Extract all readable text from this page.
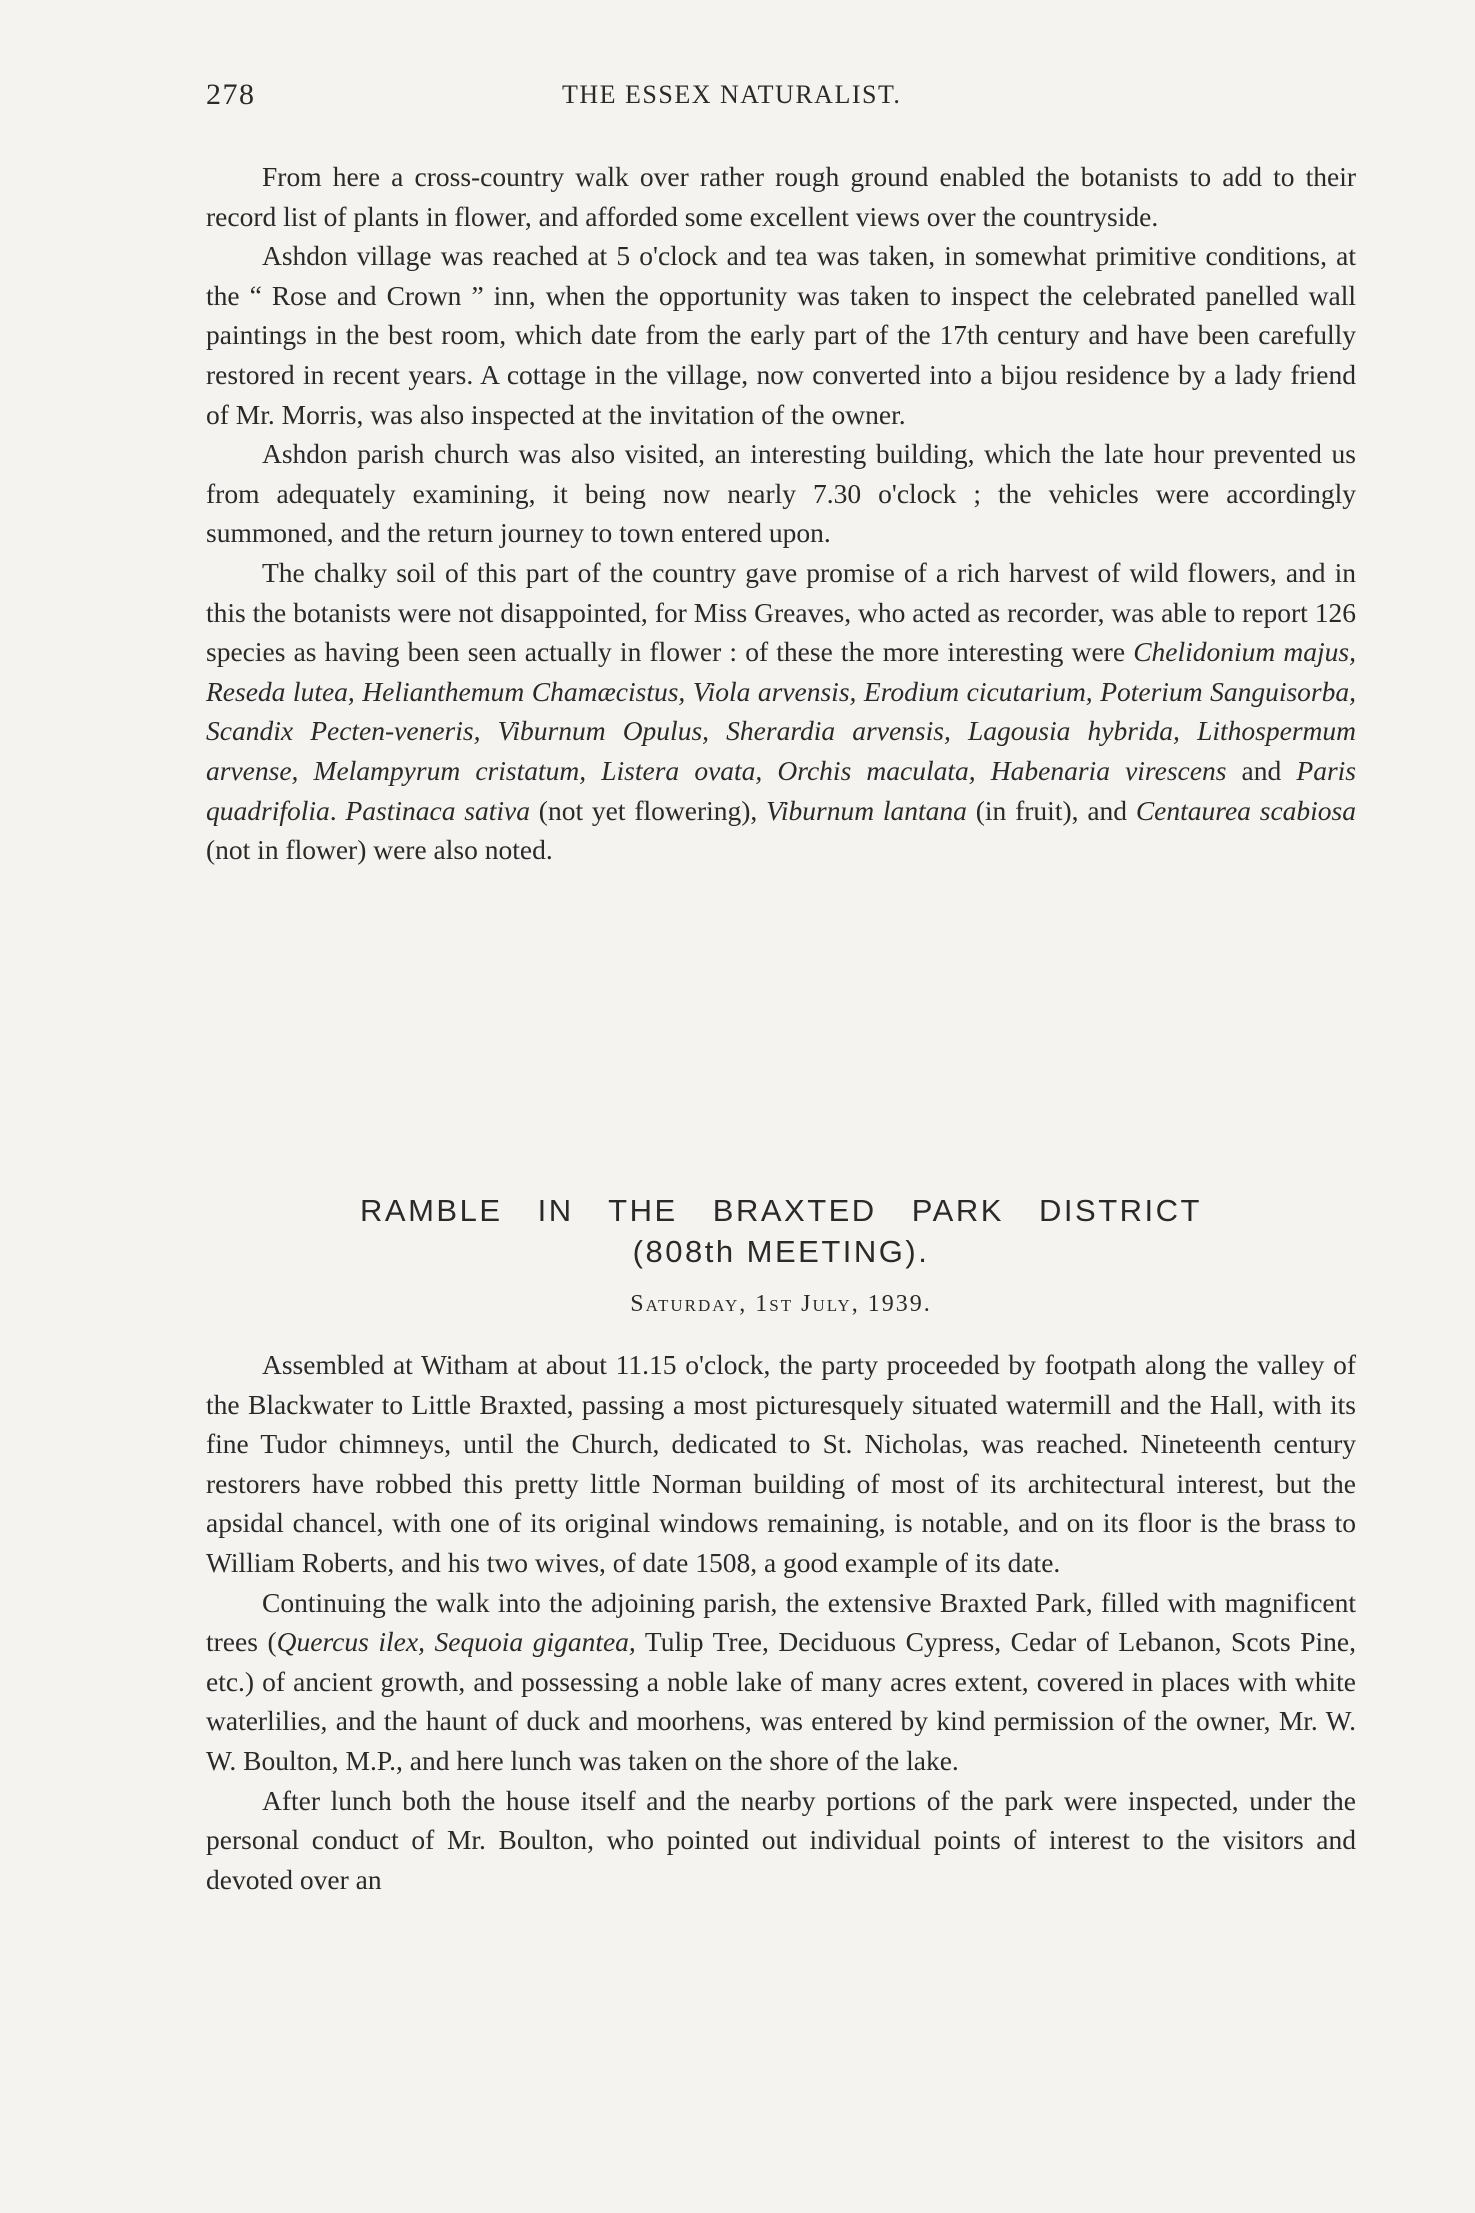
278	THE ESSEX NATURALIST.

From here a cross-country walk over rather rough ground enabled the botanists to add to their record list of plants in flower, and afforded some excellent views over the countryside.

Ashdon village was reached at 5 o'clock and tea was taken, in somewhat primitive conditions, at the “ Rose and Crown ” inn, when the opportunity was taken to inspect the celebrated panelled wall paintings in the best room, which date from the early part of the 17th century and have been carefully restored in recent years. A cottage in the village, now converted into a bijou residence by a lady friend of Mr. Morris, was also inspected at the invitation of the owner.

Ashdon parish church was also visited, an interesting building, which the late hour prevented us from adequately examining, it being now nearly 7.30 o'clock ; the vehicles were accordingly summoned, and the return journey to town entered upon.

The chalky soil of this part of the country gave promise of a rich harvest of wild flowers, and in this the botanists were not disappointed, for Miss Greaves, who acted as recorder, was able to report 126 species as having been seen actually in flower : of these the more interesting were Chelidonium majus, Reseda lutea, Helianthemum Chamæcistus, Viola arvensis, Erodium cicutarium, Poterium Sanguisorba, Scandix Pecten-veneris, Viburnum Opulus, Sherardia arvensis, Lagousia hybrida, Lithospermum arvense, Melampyrum cristatum, Listera ovata, Orchis maculata, Habenaria virescens and Paris quadrifolia. Pastinaca sativa (not yet flowering), Viburnum lantana (in fruit), and Centaurea scabiosa (not in flower) were also noted.

RAMBLE IN THE BRAXTED PARK DISTRICT
(808th MEETING).
Saturday, 1st July, 1939.

Assembled at Witham at about 11.15 o'clock, the party proceeded by footpath along the valley of the Blackwater to Little Braxted, passing a most picturesquely situated watermill and the Hall, with its fine Tudor chimneys, until the Church, dedicated to St. Nicholas, was reached. Nineteenth century restorers have robbed this pretty little Norman building of most of its architectural interest, but the apsidal chancel, with one of its original windows remaining, is notable, and on its floor is the brass to William Roberts, and his two wives, of date 1508, a good example of its date.

Continuing the walk into the adjoining parish, the extensive Braxted Park, filled with magnificent trees (Quercus ilex, Sequoia gigantea, Tulip Tree, Deciduous Cypress, Cedar of Lebanon, Scots Pine, etc.) of ancient growth, and possessing a noble lake of many acres extent, covered in places with white waterlilies, and the haunt of duck and moorhens, was entered by kind permission of the owner, Mr. W. W. Boulton, M.P., and here lunch was taken on the shore of the lake.

After lunch both the house itself and the nearby portions of the park were inspected, under the personal conduct of Mr. Boulton, who pointed out individual points of interest to the visitors and devoted over an
